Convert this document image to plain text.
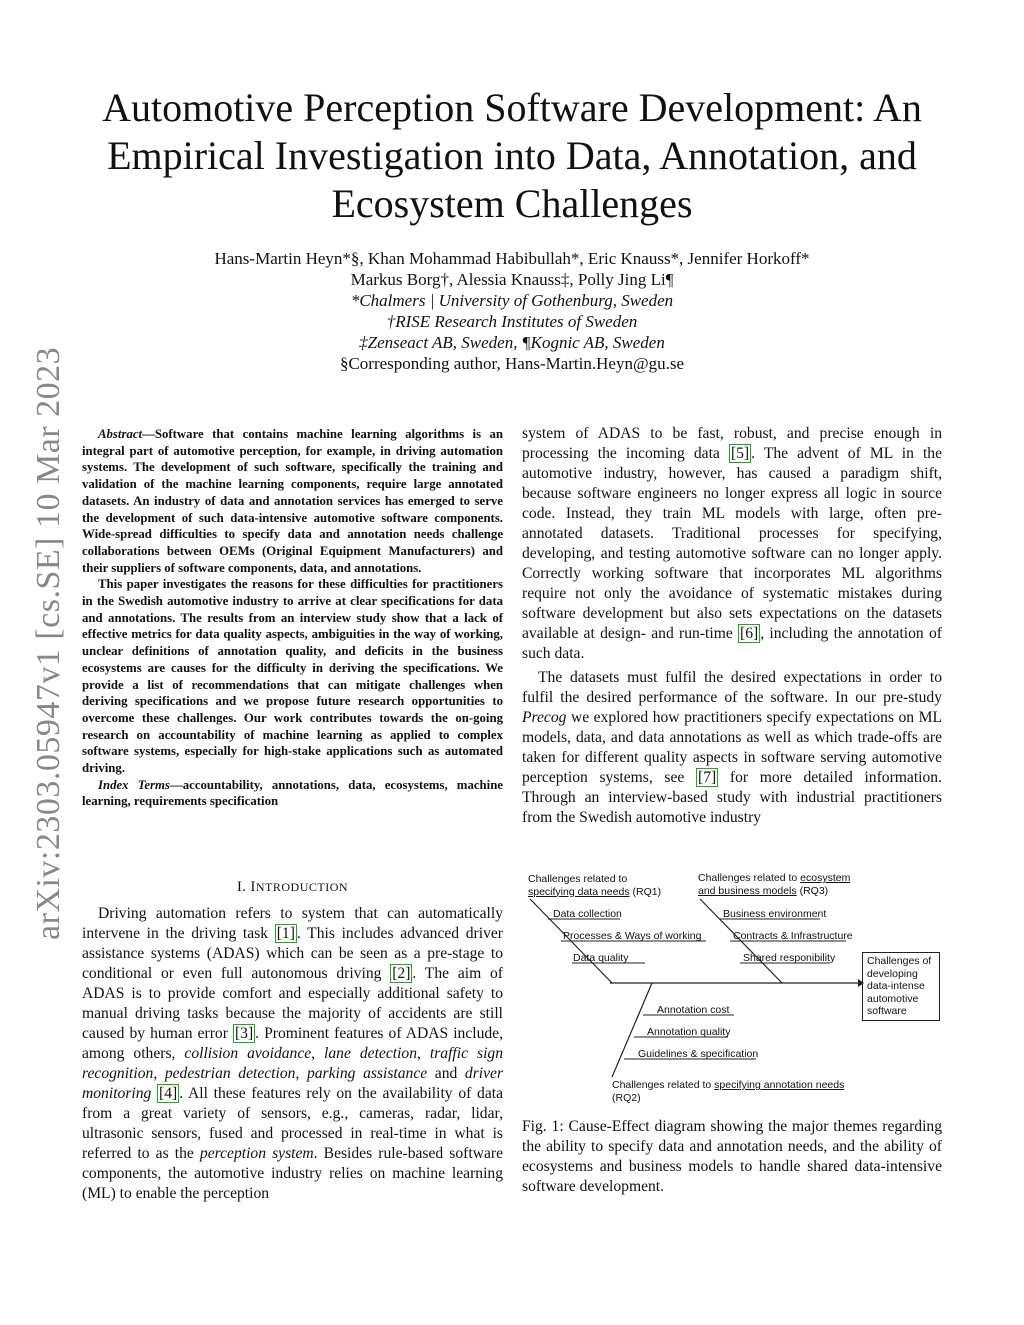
Automotive Perception Software Development: An Empirical Investigation into Data, Annotation, and Ecosystem Challenges
Hans-Martin Heyn*§, Khan Mohammad Habibullah*, Eric Knauss*, Jennifer Horkoff*
Markus Borg†, Alessia Knauss‡, Polly Jing Li¶
*Chalmers | University of Gothenburg, Sweden
†RISE Research Institutes of Sweden
‡Zenseact AB, Sweden, ¶Kognic AB, Sweden
§Corresponding author, Hans-Martin.Heyn@gu.se
arXiv:2303.05947v1 [cs.SE] 10 Mar 2023	Abstract—Software that contains machine learning algorithms is an integral part of automotive perception, for example, in driving automation systems. The development of such software, specifically the training and validation of the machine learning components, require large annotated datasets. An industry of data and annotation services has emerged to serve the development of such data-intensive automotive software components. Wide-spread difficulties to specify data and annotation needs challenge collaborations between OEMs (Original Equipment Manufacturers) and their suppliers of software components, data, and annotations.

This paper investigates the reasons for these difficulties for practitioners in the Swedish automotive industry to arrive at clear specifications for data and annotations. The results from an interview study show that a lack of effective metrics for data quality aspects, ambiguities in the way of working, unclear definitions of annotation quality, and deficits in the business ecosystems are causes for the difficulty in deriving the specifications. We provide a list of recommendations that can mitigate challenges when deriving specifications and we propose future research opportunities to overcome these challenges. Our work contributes towards the on-going research on accountability of machine learning as applied to complex software systems, especially for high-stake applications such as automated driving.

Index Terms—accountability, annotations, data, ecosystems, machine learning, requirements specification

I. INTRODUCTION

Driving automation refers to system that can automatically intervene in the driving task [1] . This includes advanced driver assistance systems (ADAS) which can be seen as a pre-stage to conditional or even full autonomous driving [2] . The aim of ADAS is to provide comfort and especially additional safety to manual driving tasks because the majority of accidents are still caused by human error [3] . Prominent features of ADAS include, among others, collision avoidance, lane detection, traffic sign recognition, pedestrian detection, parking assistance and driver monitoring [4] . All these features rely on the availability of data from a great variety of sensors, e.g., cameras, radar, lidar, ultrasonic sensors, fused and processed in real-time in what is referred to as the perception system. Besides rule-based software components, the automotive industry relies on machine learning (ML) to enable the perception

system of ADAS to be fast, robust, and precise enough in processing the incoming data [5] . The advent of ML in the automotive industry, however, has caused a paradigm shift, because software engineers no longer express all logic in source code. Instead, they train ML models with large, often pre-annotated datasets. Traditional processes for specifying, developing, and testing automotive software can no longer apply. Correctly working software that incorporates ML algorithms require not only the avoidance of systematic mistakes during software development but also sets expectations on the datasets available at design- and run-time [6] , including the annotation of such data.

The datasets must fulfil the desired expectations in order to fulfil the desired performance of the software. In our pre-study Precog we explored how practitioners specify expectations on ML models, data, and data annotations as well as which trade-offs are taken for different quality aspects in software serving automotive perception systems, see [7] for more detailed information. Through an interview-based study with industrial practitioners from the Swedish automotive industry

Challenges related to
specifying data needs (RQ1)
Challenges related to ecosystem
and business models (RQ3)
Challenges related to specifying annotation needs
(RQ2)
Data collection
Processes & Ways of working
Data quality
Business environment
Contracts & Infrastructure
Shared responibility
Annotation cost
Annotation quality
Guidelines & specification
Challenges of
developing
data-intense
automotive
software
Fig. 1: Cause-Effect diagram showing the major themes regarding the ability to specify data and annotation needs, and the ability of ecosystems and business models to handle shared data-intensive software development.
